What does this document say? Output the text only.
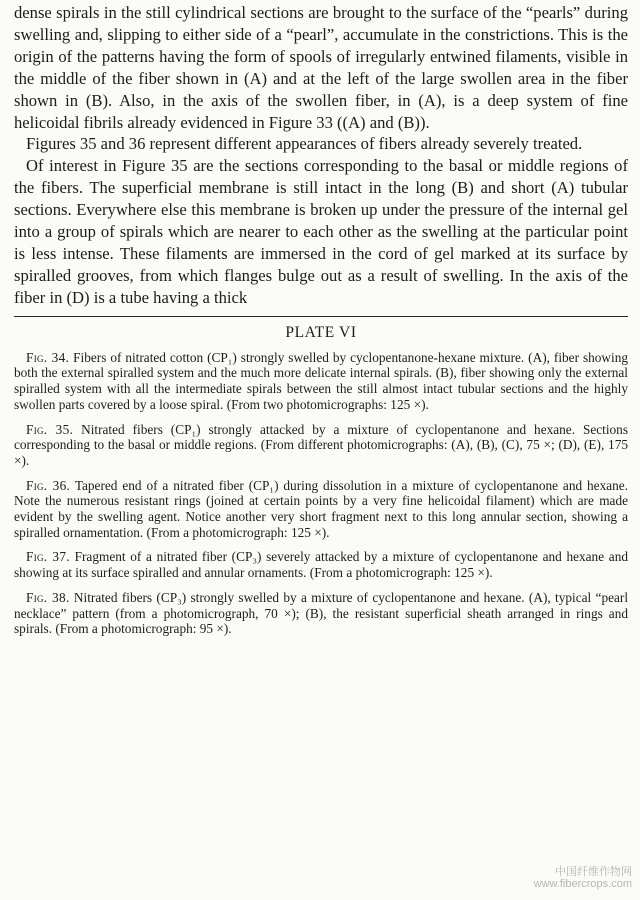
dense spirals in the still cylindrical sections are brought to the surface of the “pearls” during swelling and, slipping to either side of a “pearl”, accumulate in the constrictions. This is the origin of the patterns having the form of spools of irregularly entwined filaments, visible in the middle of the fiber shown in (A) and at the left of the large swollen area in the fiber shown in (B). Also, in the axis of the swollen fiber, in (A), is a deep system of fine helicoidal fibrils already evidenced in Figure 33 ((A) and (B)).

Figures 35 and 36 represent different appearances of fibers already severely treated.

Of interest in Figure 35 are the sections corresponding to the basal or middle regions of the fibers. The superficial membrane is still intact in the long (B) and short (A) tubular sections. Everywhere else this membrane is broken up under the pressure of the internal gel into a group of spirals which are nearer to each other as the swelling at the particular point is less intense. These filaments are immersed in the cord of gel marked at its surface by spiralled grooves, from which flanges bulge out as a result of swelling. In the axis of the fiber in (D) is a tube having a thick

PLATE VI

Fig. 34. Fibers of nitrated cotton (CP₁) strongly swelled by cyclopentanone-hexane mixture. (A), fiber showing both the external spiralled system and the much more delicate internal spirals. (B), fiber showing only the external spiralled system with all the intermediate spirals between the still almost intact tubular sections and the highly swollen parts covered by a loose spiral. (From two photomicrographs: 125 ×).

Fig. 35. Nitrated fibers (CP₁) strongly attacked by a mixture of cyclopentanone and hexane. Sections corresponding to the basal or middle regions. (From different photomicrographs: (A), (B), (C), 75 ×; (D), (E), 175 ×).

Fig. 36. Tapered end of a nitrated fiber (CP₁) during dissolution in a mixture of cyclopentanone and hexane. Note the numerous resistant rings (joined at certain points by a very fine helicoidal filament) which are made evident by the swelling agent. Notice another very short fragment next to this long annular section, showing a spiralled ornamentation. (From a photomicrograph: 125 ×).

Fig. 37. Fragment of a nitrated fiber (CP₃) severely attacked by a mixture of cyclopentanone and hexane and showing at its surface spiralled and annular ornaments. (From a photomicrograph: 125 ×).

Fig. 38. Nitrated fibers (CP₃) strongly swelled by a mixture of cyclopentanone and hexane. (A), typical “pearl necklace” pattern (from a photomicrograph, 70 ×); (B), the resistant superficial sheath arranged in rings and spirals. (From a photomicrograph: 95 ×).

中国纤维作物网
www.fibercrops.com
